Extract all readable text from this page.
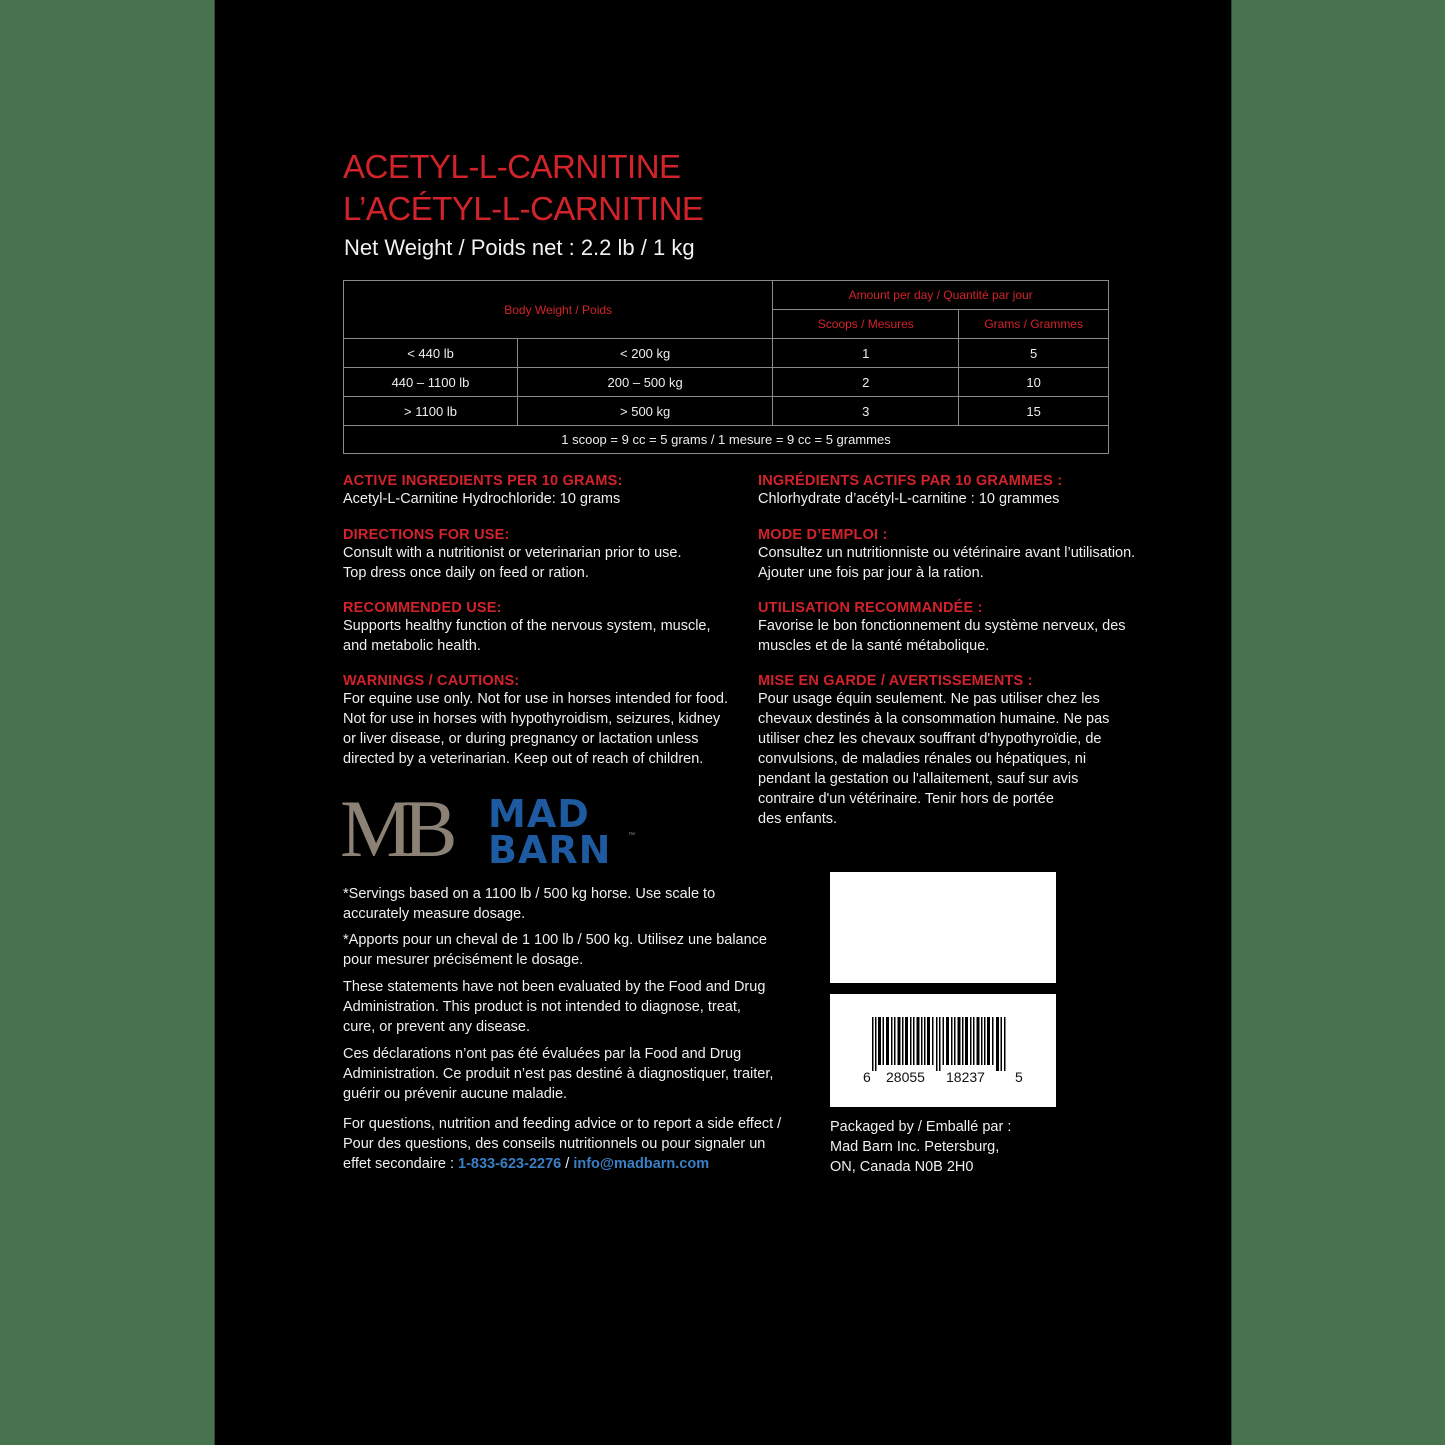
ACETYL-L-CARNITINE
L’ACÉTYL-L-CARNITINE
Net Weight / Poids net : 2.2 lb / 1 kg
Body Weight / Poids		Amount per day / Quantité par jour	
		Scoops / Mesures	Grams / Grammes
< 440 lb	< 200 kg	1	5
440 – 1100 lb	200 – 500 kg	2	10
> 1100 lb	> 500 kg	3	15
1 scoop = 9 cc = 5 grams / 1 mesure = 9 cc = 5 grammes			
ACTIVE INGREDIENTS PER 10 GRAMS:
Acetyl-L-Carnitine Hydrochloride: 10 grams
DIRECTIONS FOR USE:
Consult with a nutritionist or veterinarian prior to use.
Top dress once daily on feed or ration.
RECOMMENDED USE:
Supports healthy function of the nervous system, muscle,
and metabolic health.
WARNINGS / CAUTIONS:
For equine use only. Not for use in horses intended for food.
Not for use in horses with hypothyroidism, seizures, kidney
or liver disease, or during pregnancy or lactation unless
directed by a veterinarian. Keep out of reach of children.
INGRÉDIENTS ACTIFS PAR 10 GRAMMES :
Chlorhydrate d’acétyl-L-carnitine : 10 grammes
MODE D’EMPLOI :
Consultez un nutritionniste ou vétérinaire avant l’utilisation.
Ajouter une fois par jour à la ration.
UTILISATION RECOMMANDÉE :
Favorise le bon fonctionnement du système nerveux, des
muscles et de la santé métabolique.
MISE EN GARDE / AVERTISSEMENTS :
Pour usage équin seulement. Ne pas utiliser chez les
chevaux destinés à la consommation humaine. Ne pas
utiliser chez les chevaux souffrant d'hypothyroïdie, de
convulsions, de maladies rénales ou hépatiques, ni
pendant la gestation ou l'allaitement, sauf sur avis
contraire d'un vétérinaire. Tenir hors de portée
des enfants.
MB MAD
BARN ™
*Servings based on a 1100 lb / 500 kg horse. Use scale to
accurately measure dosage.
*Apports pour un cheval de 1 100 lb / 500 kg. Utilisez une balance
pour mesurer précisément le dosage.
These statements have not been evaluated by the Food and Drug
Administration. This product is not intended to diagnose, treat,
cure, or prevent any disease.
Ces déclarations n’ont pas été évaluées par la Food and Drug
Administration. Ce produit n’est pas destiné à diagnostiquer, traiter,
guérir ou prévenir aucune maladie.
For questions, nutrition and feeding advice or to report a side effect /
Pour des questions, des conseils nutritionnels ou pour signaler un
effet secondaire : 1-833-623-2276 / info@madbarn.com
6 28055 18237 5
Packaged by / Emballé par :
Mad Barn Inc. Petersburg,
ON, Canada N0B 2H0
